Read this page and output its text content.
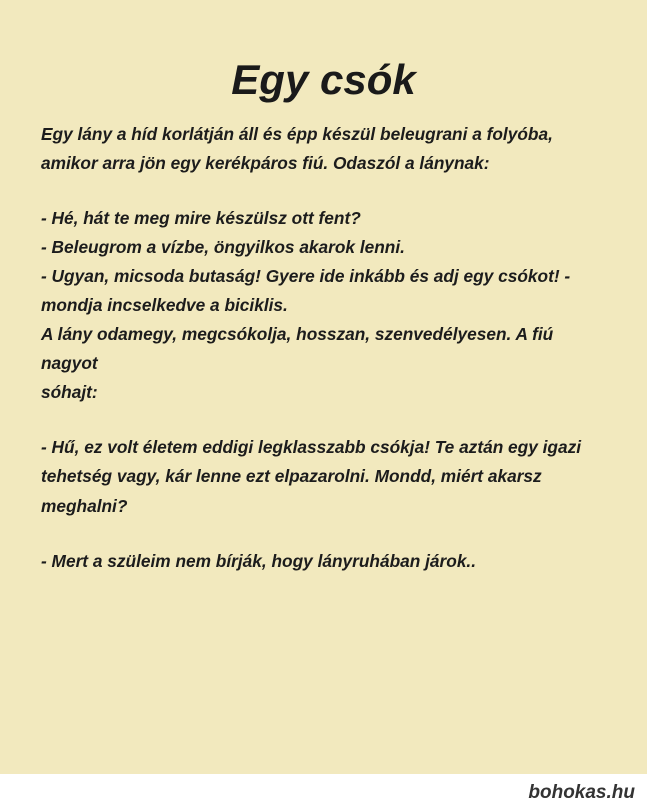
Egy csók
Egy lány a híd korlátján áll és épp készül beleugrani a folyóba,
amikor arra jön egy kerékpáros fiú. Odaszól a lánynak:
- Hé, hát te meg mire készülsz ott fent?
- Beleugrom a vízbe, öngyilkos akarok lenni.
- Ugyan, micsoda butaság! Gyere ide inkább és adj egy csókot! -
mondja incselkedve a biciklis.
A lány odamegy, megcsókolja, hosszan, szenvedélyesen. A fiú nagyot
sóhajt:
- Hű, ez volt életem eddigi legklasszabb csókja! Te aztán egy igazi
tehetség vagy, kár lenne ezt elpazarolni. Mondd, miért akarsz
meghalni?
- Mert a szüleim nem bírják, hogy lányruhában járok..
bohokas.hu
